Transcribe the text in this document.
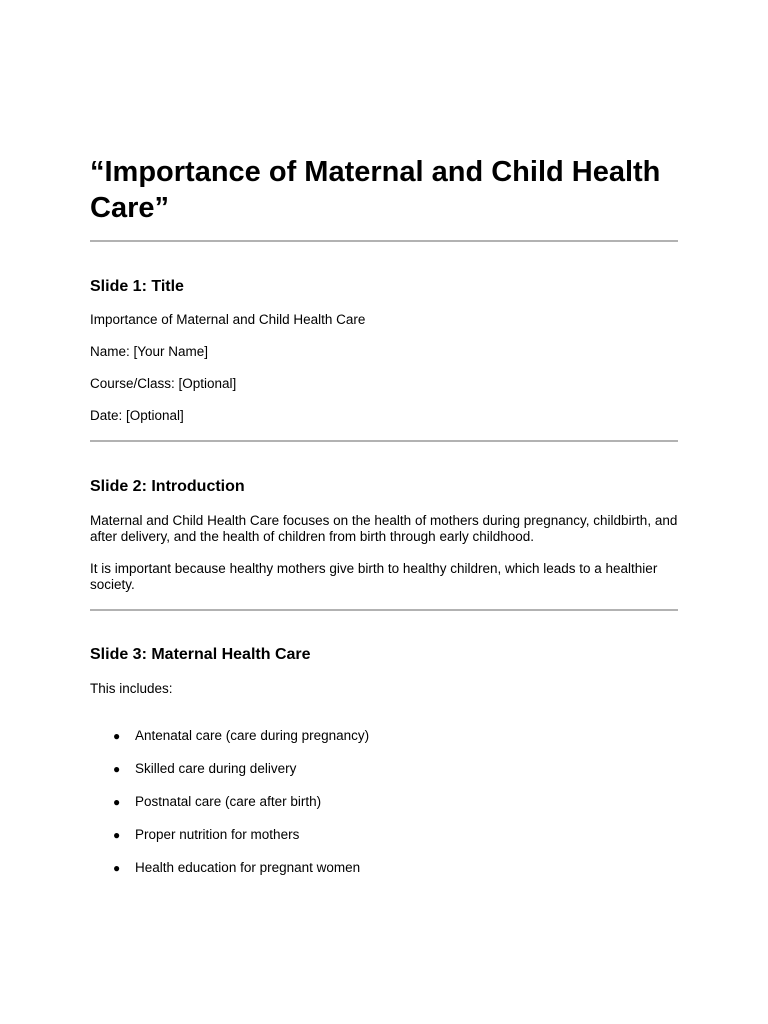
“Importance of Maternal and Child Health Care”
Slide 1: Title

Importance of Maternal and Child Health Care

Name: [Your Name]

Course/Class: [Optional]

Date: [Optional]

Slide 2: Introduction

Maternal and Child Health Care focuses on the health of mothers during pregnancy, childbirth, and after delivery, and the health of children from birth through early childhood.

It is important because healthy mothers give birth to healthy children, which leads to a healthier society.

Slide 3: Maternal Health Care

This includes:

● Antenatal care (care during pregnancy)
● Skilled care during delivery
● Postnatal care (care after birth)
● Proper nutrition for mothers
● Health education for pregnant women
